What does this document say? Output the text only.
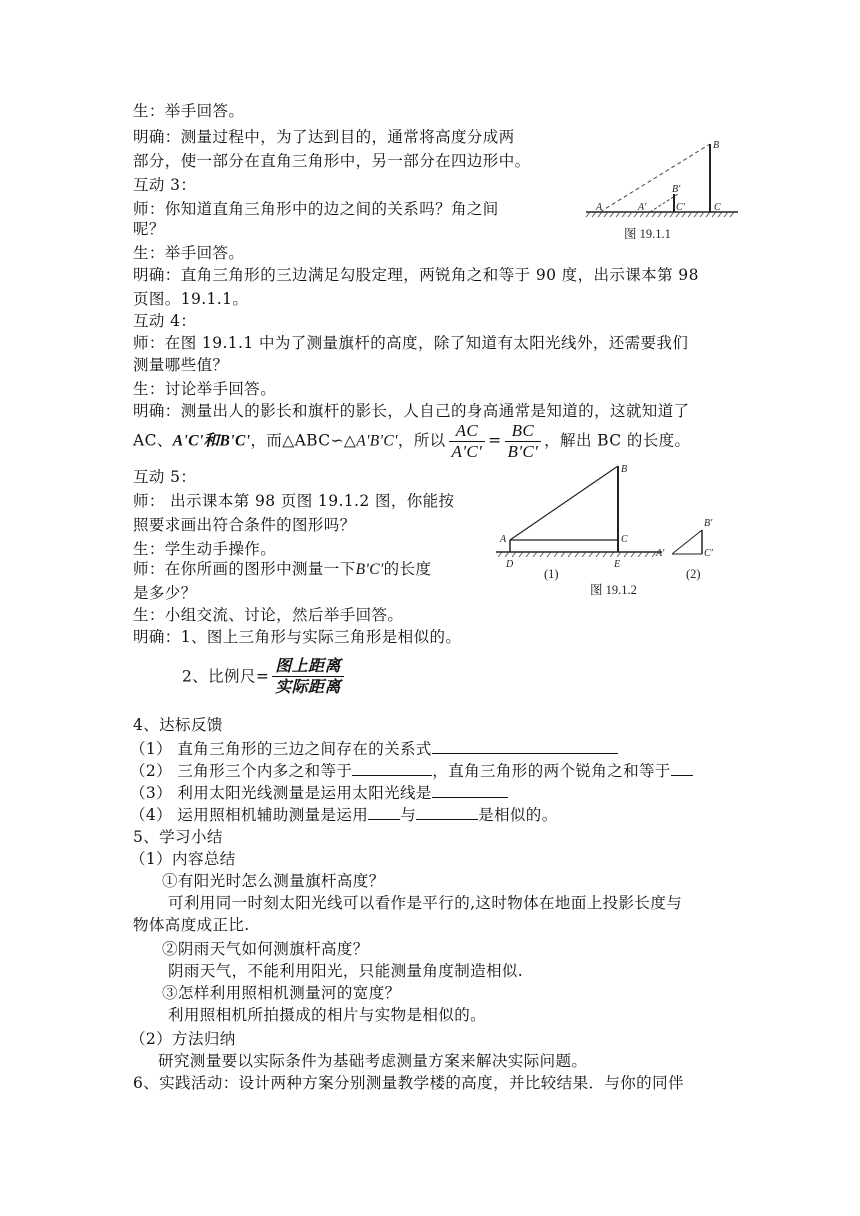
生：举手回答。
明确：测量过程中，为了达到目的，通常将高度分成两
部分，使一部分在直角三角形中，另一部分在四边形中。
互动 3：
师：你知道直角三角形中的边之间的关系吗？角之间
呢？
生：举手回答。
明确：直角三角形的三边满足勾股定理，两锐角之和等于 90 度，出示课本第 98
页图。19.1.1。
互动 4：
师：在图 19.1.1 中为了测量旗杆的高度，除了知道有太阳光线外，还需要我们
测量哪些值？
生：讨论举手回答。
明确：测量出人的影长和旗杆的影长，人自己的身高通常是知道的，这就知道了
AC、A'C'和B'C'，而△ABC∽△A'B'C'，所以 $\frac{AC}{A'C'} = \frac{BC}{B'C'}$ ，解出 BC 的长度。
互动 5：
师： 出示课本第 98 页图 19.1.2 图，你能按
照要求画出符合条件的图形吗？
生：学生动手操作。
师：在你所画的图形中测量一下B'C'的长度
是多少？
生：小组交流、讨论，然后举手回答。
明确：1、图上三角形与实际三角形是相似的。
2、比例尺= $\frac{\text{图上距离}}{\text{实际距离}}$
4、达标反馈
（1） 直角三角形的三边之间存在的关系式
（2） 三角形三个内多之和等于	，直角三角形的两个锐角之和等于
（3） 利用太阳光线测量是运用太阳光线是
（4） 运用照相机辅助测量是运用 与	是相似的。
5、学习小结
（1）内容总结
①有阳光时怎么测量旗杆高度？
可利用同一时刻太阳光线可以看作是平行的,这时物体在地面上投影长度与
物体高度成正比.
②阴雨天气如何测旗杆高度？
阴雨天气，不能利用阳光，只能测量角度制造相似.
③怎样利用照相机测量河的宽度？
利用照相机所拍摄成的相片与实物是相似的。
（2）方法归纳
研究测量要以实际条件为基础考虑测量方案来解决实际问题。
6、实践活动：设计两种方案分别测量教学楼的高度，并比较结果．与你的同伴
A	A'
B'
C'
B
C
图 19.1.1
A
D
B
C
E
(1)
A'
B'
C'
(2)
图 19.1.2
